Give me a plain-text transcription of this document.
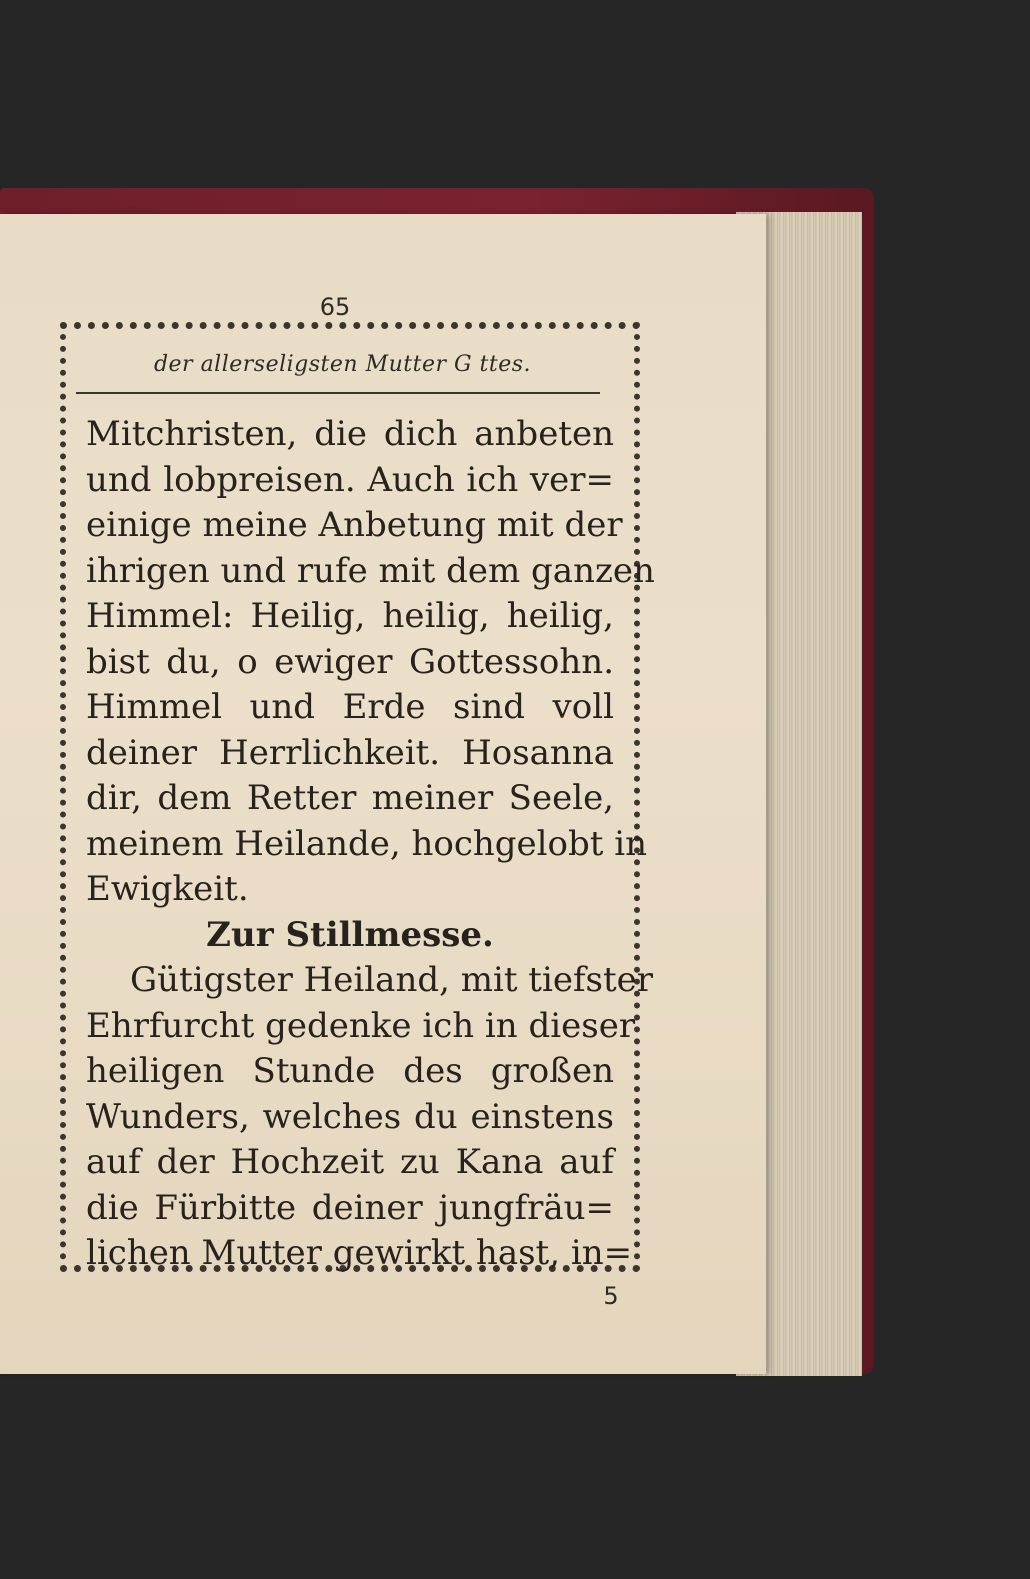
65
der allerseligsten Mutter G ttes.
Mitchristen, die dich anbeten
und lobpreisen. Auch ich ver=
einige meine Anbetung mit der
ihrigen und rufe mit dem ganzen
Himmel: Heilig, heilig, heilig,
bist du, o ewiger Gottessohn.
Himmel und Erde sind voll
deiner Herrlichkeit. Hosanna
dir, dem Retter meiner Seele,
meinem Heilande, hochgelobt in
Ewigkeit.
Zur Stillmesse.
Gütigster Heiland, mit tiefster
Ehrfurcht gedenke ich in dieser
heiligen Stunde des großen
Wunders, welches du einstens
auf der Hochzeit zu Kana auf
die Fürbitte deiner jungfräu=
lichen Mutter gewirkt hast, in=
5
